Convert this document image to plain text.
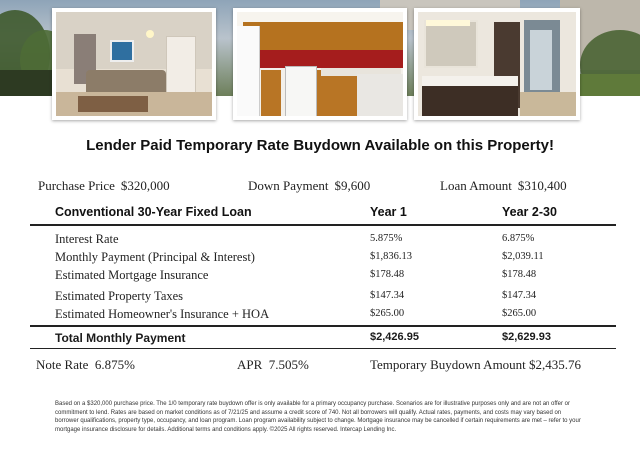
Lender Paid Temporary Rate Buydown Available on this Property!
Purchase Price $320,000	Down Payment $9,600	Loan Amount $310,400
Conventional 30-Year Fixed Loan	Year 1	Year 2-30
Interest Rate	5.875%	6.875%
Monthly Payment (Principal & Interest)	$1,836.13	$2,039.11
Estimated Mortgage Insurance	$178.48	$178.48
Estimated Property Taxes	$147.34	$147.34
Estimated Homeowner's Insurance + HOA	$265.00	$265.00
Total Monthly Payment	$2,426.95	$2,629.93
Note Rate 6.875%	APR 7.505%	Temporary Buydown Amount $2,435.76
Based on a $320,000 purchase price. The 1/0 temporary rate buydown offer is only available for a primary occupancy purchase. Scenarios are for illustrative purposes only and are not an offer or commitment to lend. Rates are based on market conditions as of 7/21/25 and assume a credit score of 740. Not all borrowers will qualify. Actual rates, payments, and costs may vary based on borrower qualifications, property type, occupancy, and loan program. Loan program availability subject to change. Mortgage insurance may be cancelled if certain requirements are met – refer to your mortgage insurance disclosure for details. Additional terms and conditions apply. ©2025 All rights reserved. Intercap Lending Inc.
